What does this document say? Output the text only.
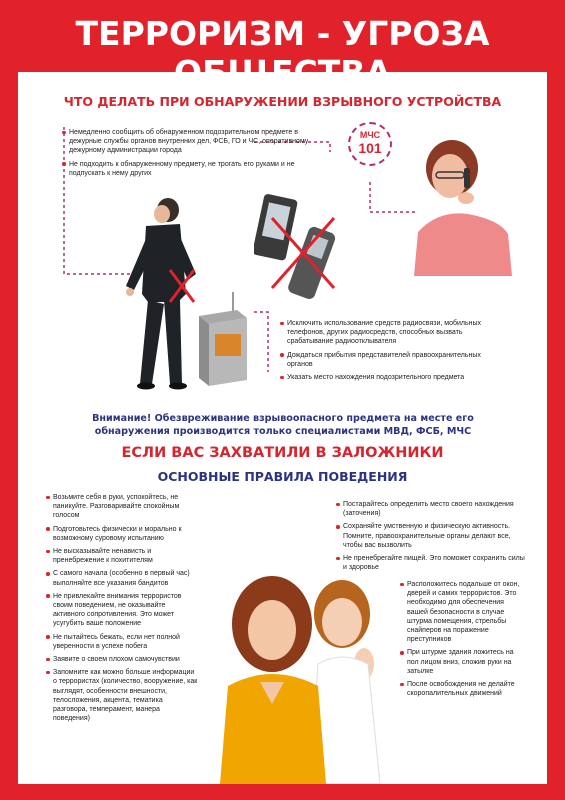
ТЕРРОРИЗМ - УГРОЗА
ЧТО ДЕЛАТЬ ПРИ ОБНАРУЖЕНИИ ВЗРЫВНОГО УСТРОЙСТВА
Немедленно сообщить об обнаруженном подозрительном предмете в дежурные службы органов внутренних дел, ФСБ, ГО и ЧС, оперативному дежурному администрации города
Не подходить к обнаруженному предмету, не трогать его руками и не подпускать к нему других
МЧС
101
Исключить использование средств радиосвязи, мобильных телефонов, других радиосредств, способных вызвать срабатывание радиоотклывателя
Дождаться прибытия представителей правоохранительных органов
Указать место нахождения подозрительного предмета
Внимание! Обезвреживание взрывоопасного предмета на месте его обнаружения производится только специалистами МВД, ФСБ, МЧС
ЕСЛИ ВАС ЗАХВАТИЛИ В ЗАЛОЖНИКИ
ОСНОВНЫЕ ПРАВИЛА ПОВЕДЕНИЯ
Возьмите себя в руки, успокойтесь, не паникуйте. Разговаривайте спокойным голосом
Подготовьтесь физически и морально к возможному суровому испытанию
Не высказывайте ненависть и пренебрежение к похитителям
С самого начала (особенно в первый час) выполняйте все указания бандитов
Не привлекайте внимания террористов своим поведением, не оказывайте активного сопротивления. Это может усугубить ваше положение
Не пытайтесь бежать, если нет полной уверенности в успехе побега
Заявите о своем плохом самочувствии
Запомните как можно больше информации о террористах (количество, вооружение, как выглядят, особенности внешности, телосложения, акцента, тематика разговора, темперамент, манера поведения)
Постарайтесь определить место своего нахождения (заточения)
Сохраняйте умственную и физическую активность. Помните, правоохранительные органы делают все, чтобы вас вызволить
Не пренебрегайте пищей. Это поможет сохранить силы и здоровье
Расположитесь подальше от окон, дверей и самих террористов. Это необходимо для обеспечения вашей безопасности в случае штурма помещения, стрельбы снайперов на поражение преступников
При штурме здания ложитесь на пол лицом вниз, сложив руки на затылке
После освобождения не делайте скоропалительных движений
